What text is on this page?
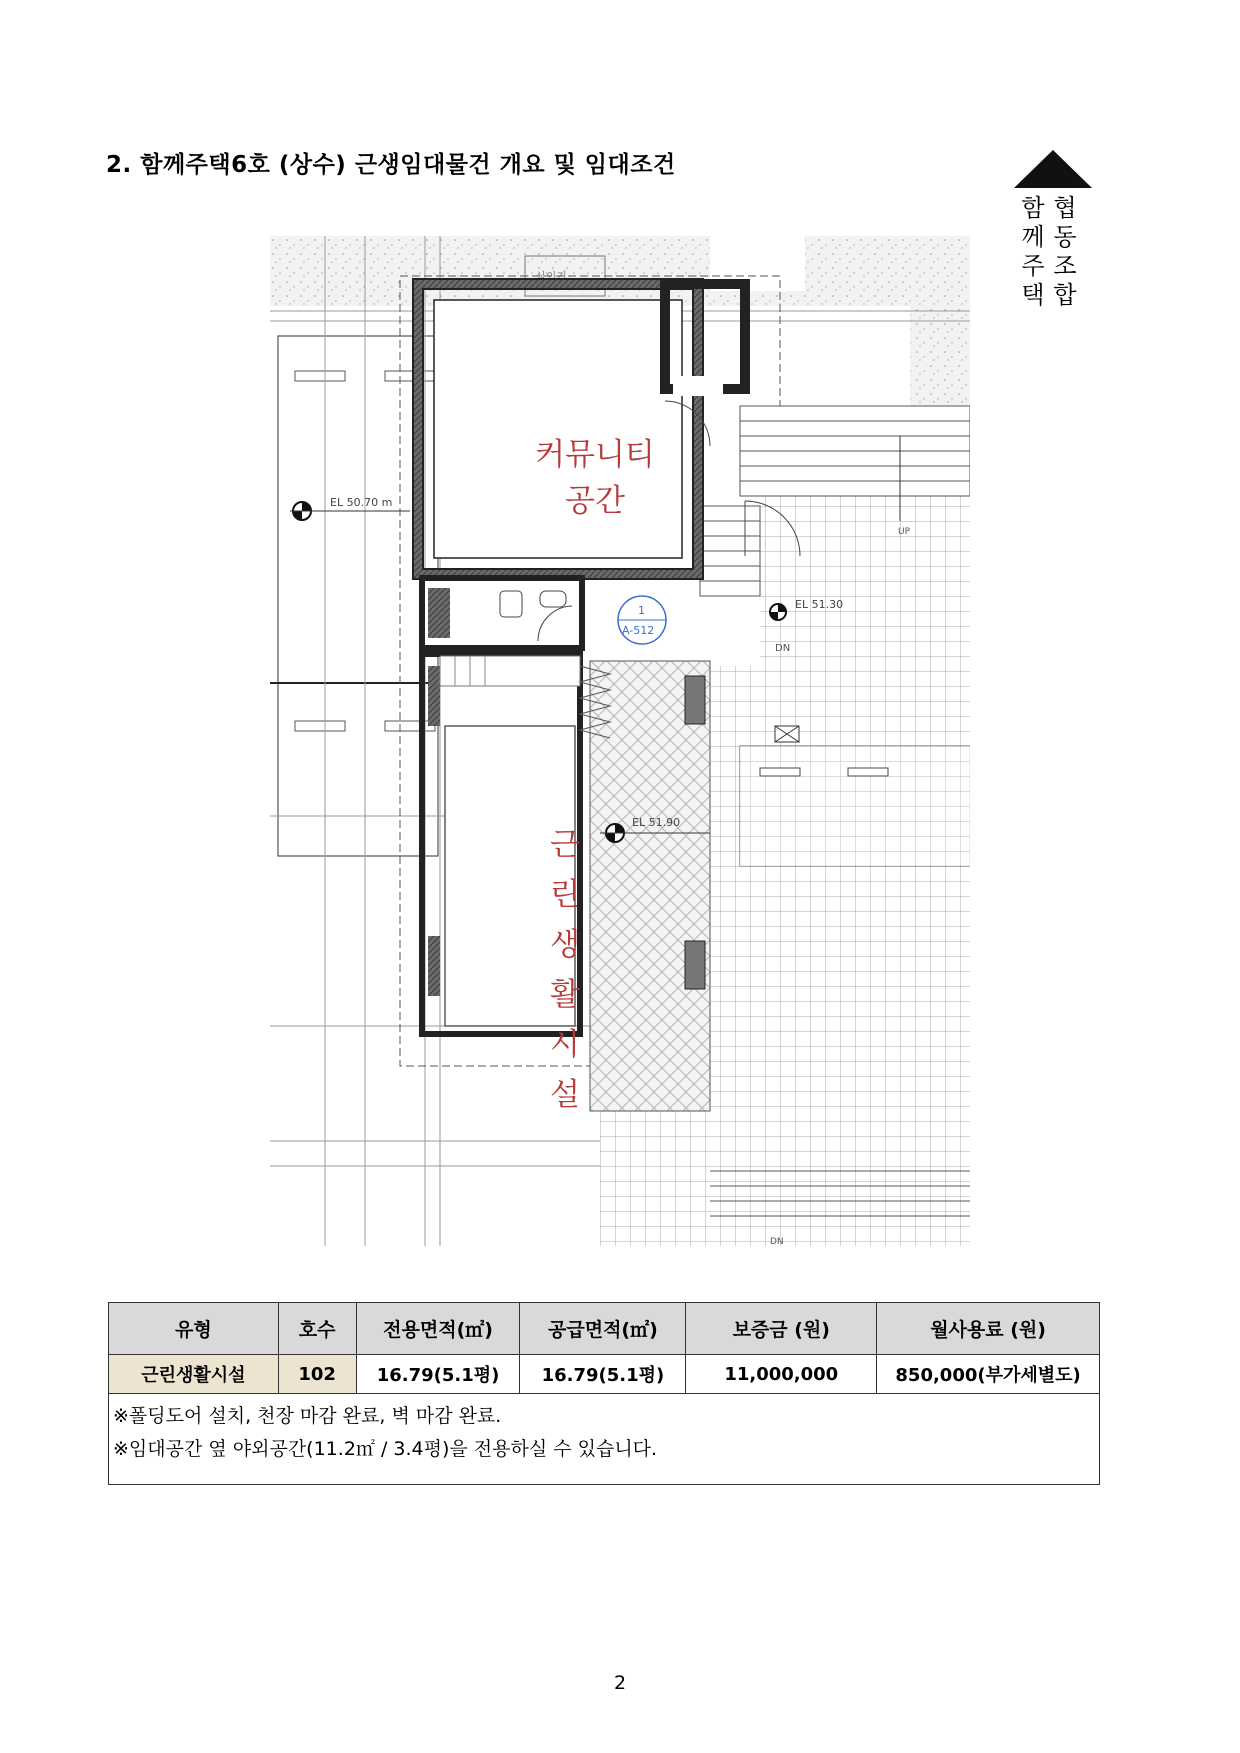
2. 함께주택6호 (상수) 근생임대물건 개요 및 임대조건
함
께
주
택
협
동
조
합
실외기
UP
DN
DN
EL 50.70 m
EL 51.30
EL 51.90
1
A-512
커뮤니티
공간
근
린
생
활
시
설
유형	호수	전용면적(㎡)	공급면적(㎡)	보증금 (원)	월사용료 (원)
근린생활시설	102	16.79(5.1평)	16.79(5.1평)	11,000,000	850,000(부가세별도)

※폴딩도어 설치, 천장 마감 완료, 벽 마감 완료.
※임대공간 옆 야외공간(11.2㎡ / 3.4평)을 전용하실 수 있습니다.					
2
